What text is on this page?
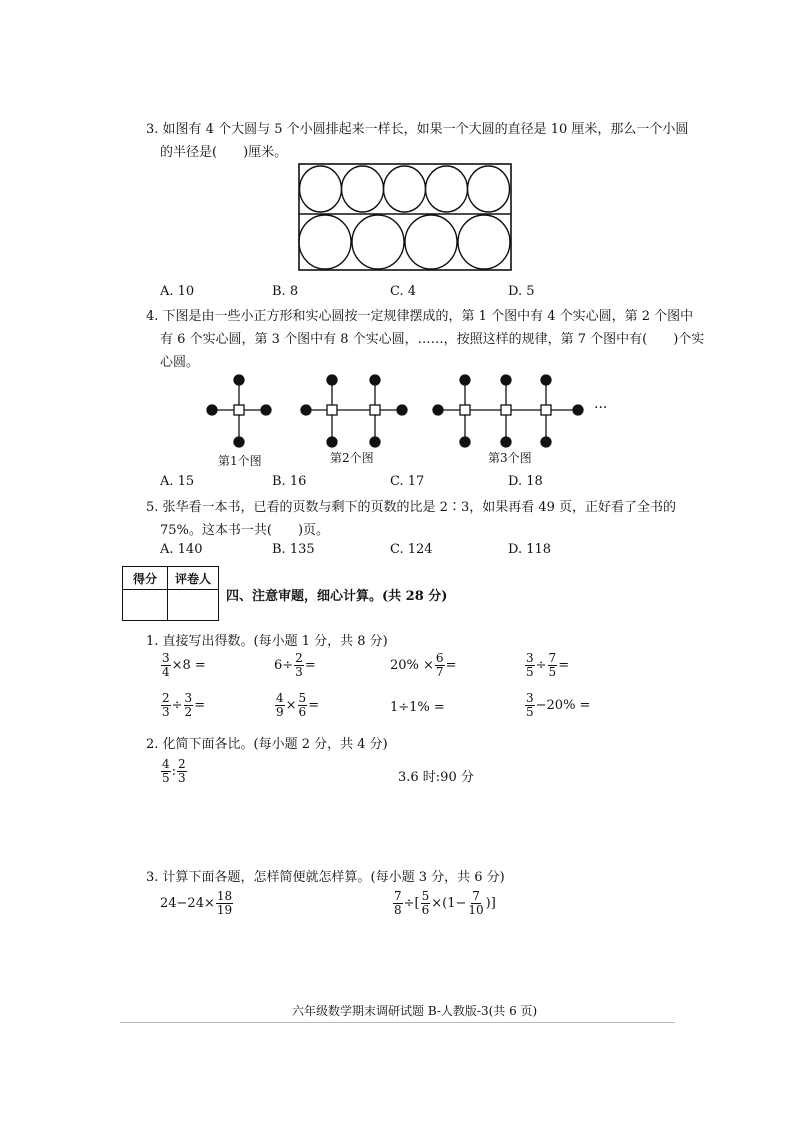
3. 如图有 4 个大圆与 5 个小圆排起来一样长，如果一个大圆的直径是 10 厘米，那么一个小圆
的半径是(　　)厘米。
A. 10	B. 8	C. 4	D. 5
4. 下图是由一些小正方形和实心圆按一定规律摆成的，第 1 个图中有 4 个实心圆，第 2 个图中
有 6 个实心圆，第 3 个图中有 8 个实心圆，……，按照这样的规律，第 7 个图中有(　　)个实
心圆。
···
第1个图	第2个图	第3个图
A. 15	B. 16	C. 17	D. 18
5. 张华看一本书，已看的页数与剩下的页数的比是 2∶3，如果再看 49 页，正好看了全书的
75%。这本书一共(　　)页。
A. 140	B. 135	C. 124	D. 118
得分	评卷人

四、注意审题，细心计算。(共 28 分)
1. 直接写出得数。(每小题 1 分，共 8 分)
$\frac{3}{4} \times 8$ =	$6\div \frac{2}{3}$ =	$20\% \times \frac{6}{7}$ =	$\frac{3}{5} \div \frac{7}{5}$ =
$\frac{2}{3} \div \frac{3}{2}$ =	$\frac{4}{9} \times \frac{5}{6}$ =	1÷1% =	$\frac{3}{5} -20\%$ =
2. 化简下面各比。(每小题 2 分，共 4 分)
$\frac{4}{5}$ : $\frac{2}{3}$	3.6 时:90 分
3. 计算下面各题，怎样简便就怎样算。(每小题 3 分，共 6 分)
$24-24\times \frac{18}{19}$	$\frac{7}{8}$ ÷[ $\frac{5}{6} \times(1- \frac{7}{10}$ )]
六年级数学期末调研试题 B-人教版-3(共 6 页)
